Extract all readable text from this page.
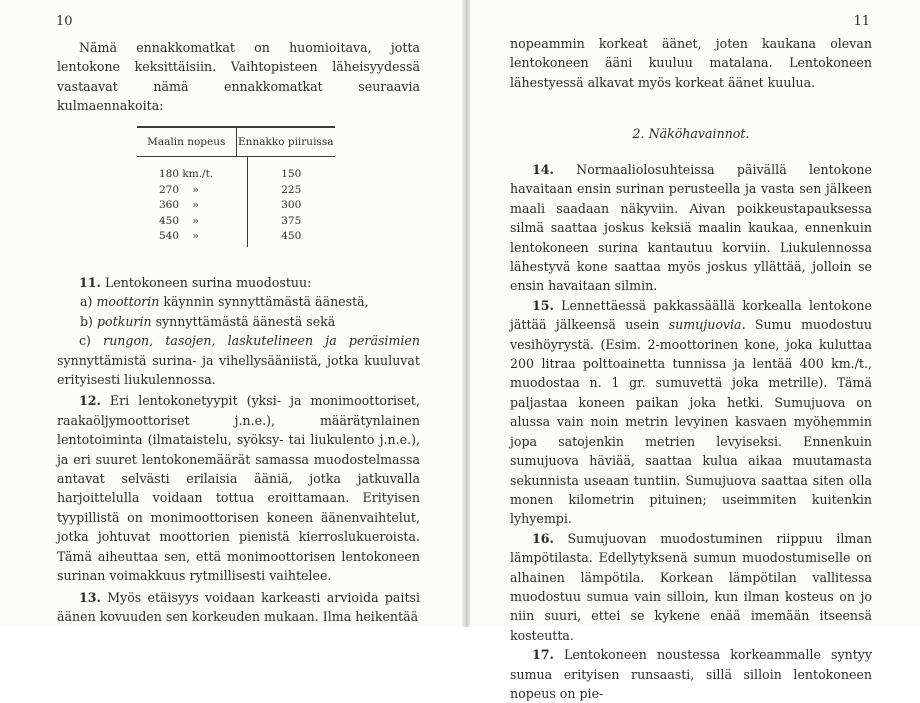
10

Nämä ennakkomatkat on huomioitava, jotta lentokone keksittäisiin. Vaihtopisteen läheisyydessä vastaavat nämä ennakkomatkat seuraavia kulmaennakoita:

Maalin nopeus	Ennakko piiruissa
180 km./t.
270    »
360    »
450    »
540    »
150
225
300
375
450

11. Lentokoneen surina muodostuu:

a) moottorin käynnin synnyttämästä äänestä,

b) potkurin synnyttämästä äänestä sekä

c) rungon, tasojen, laskutelineen ja peräsimien synnyttämistä surina- ja vihellysääniistä, jotka kuuluvat erityisesti liukulennossa.

12. Eri lentokonetyypit (yksi- ja monimoottoriset, raakaöljymoottoriset j.n.e.), määrätynlainen lentotoiminta (ilmataistelu, syöksy- tai liukulento j.n.e.), ja eri suuret lentokonemäärät samassa muodostelmassa antavat selvästi erilaisia ääniä, jotka jatkuvalla harjoittelulla voidaan tottua eroittamaan. Erityisen tyypillistä on monimoottorisen koneen äänenvaihtelut, jotka johtuvat moottorien pienistä kierroslukueroista. Tämä aiheuttaa sen, että monimoottorisen lentokoneen surinan voimakkuus rytmillisesti vaihtelee.

13. Myös etäisyys voidaan karkeasti arvioida paitsi äänen kovuuden sen korkeuden mukaan. Ilma heikentää

11

nopeammin korkeat äänet, joten kaukana olevan lentokoneen ääni kuuluu matalana. Lentokoneen lähestyessä alkavat myös korkeat äänet kuulua.

2. Näköhavainnot.

14. Normaaliolosuhteissa päivällä lentokone havaitaan ensin surinan perusteella ja vasta sen jälkeen maali saadaan näkyviin. Aivan poikkeustapauksessa silmä saattaa joskus keksiä maalin kaukaa, ennenkuin lentokoneen surina kantautuu korviin. Liukulennossa lähestyvä kone saattaa myös joskus yllättää, jolloin se ensin havaitaan silmin.

15. Lennettäessä pakkassäällä korkealla lentokone jättää jälkeensä usein sumujuovia. Sumu muodostuu vesihöyrystä. (Esim. 2-moottorinen kone, joka kuluttaa 200 litraa polttoainetta tunnissa ja lentää 400 km./t., muodostaa n. 1 gr. sumuvettä joka metrille). Tämä paljastaa koneen paikan joka hetki. Sumujuova on alussa vain noin metrin levyinen kasvaen myöhemmin jopa satojenkin metrien levyiseksi. Ennenkuin sumujuova häviää, saattaa kulua aikaa muutamasta sekunnista useaan tuntiin. Sumujuova saattaa siten olla monen kilometrin pituinen; useimmiten kuitenkin lyhyempi.

16. Sumujuovan muodostuminen riippuu ilman lämpötilasta. Edellytyksenä sumun muodostumiselle on alhainen lämpötila. Korkean lämpötilan vallitessa muodostuu sumua vain silloin, kun ilman kosteus on jo niin suuri, ettei se kykene enää imemään itseensä kosteutta.

17. Lentokoneen noustessa korkeammalle syntyy sumua erityisen runsaasti, sillä silloin lentokoneen nopeus on pie-
